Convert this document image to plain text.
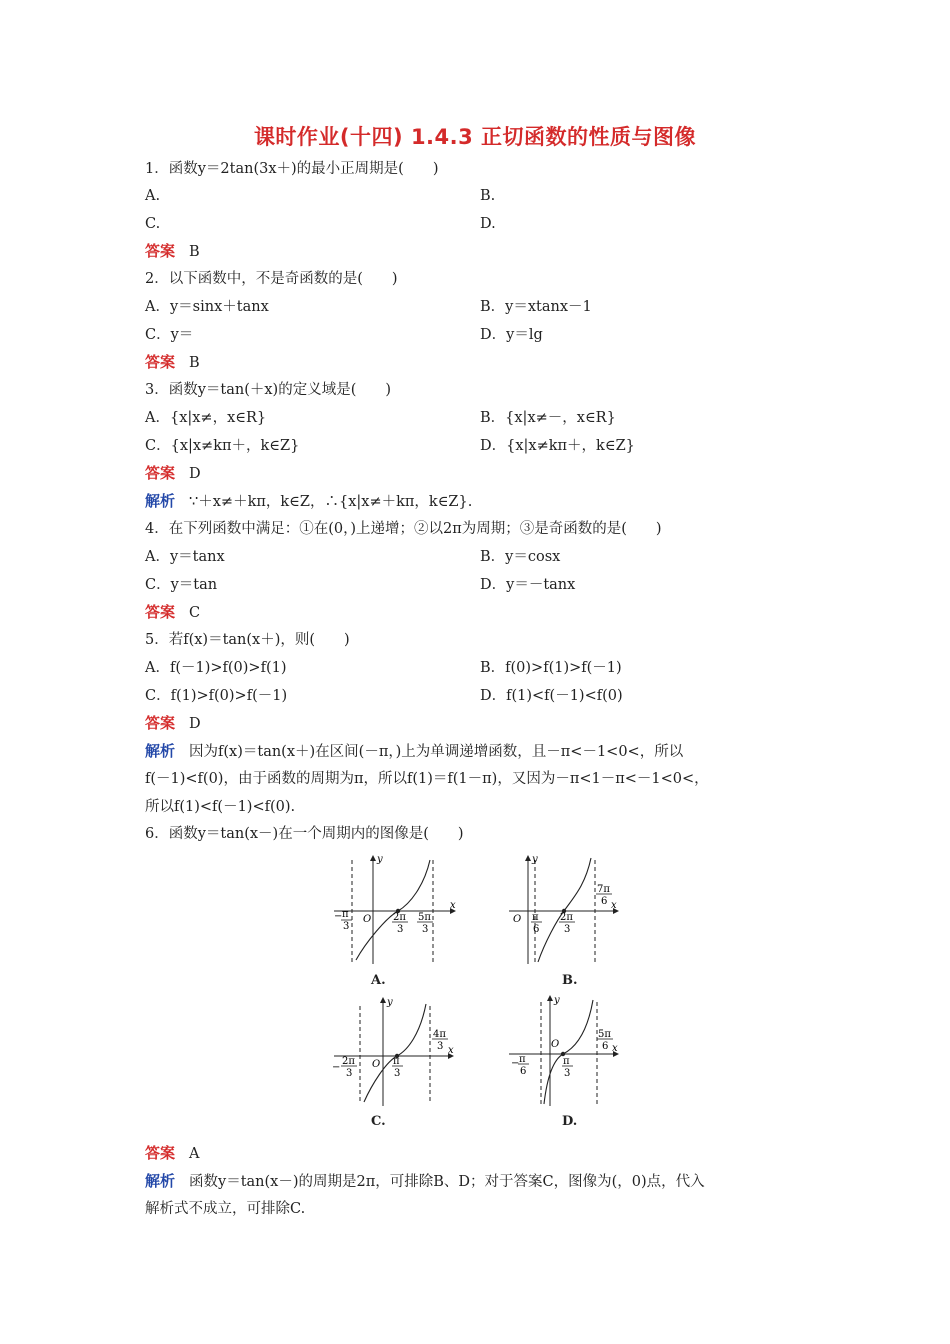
课时作业(十四) 1.4.3 正切函数的性质与图像
1．函数y＝2tan(3x＋)的最小正周期是(　　)
A.	B.
C.	D.
答案 B
2．以下函数中，不是奇函数的是(　　)
A．y＝sinx＋tanx	B．y＝xtanx－1
C．y＝	D．y＝lg
答案 B
3．函数y＝tan(＋x)的定义域是(　　)
A．{x|x≠，x∈R}	B．{x|x≠－，x∈R}
C．{x|x≠kπ＋，k∈Z}	D．{x|x≠kπ＋，k∈Z}
答案 D
解析 ∵＋x≠＋kπ，k∈Z，∴{x|x≠＋kπ，k∈Z}.
4．在下列函数中满足：①在(0，)上递增；②以2π为周期；③是奇函数的是(　　)
A．y＝tanx	B．y＝cosx
C．y＝tan	D．y＝－tanx
答案 C
5．若f(x)＝tan(x＋)，则(　　)
A．f(－1)>f(0)>f(1)	B．f(0)>f(1)>f(－1)
C．f(1)>f(0)>f(－1)	D．f(1)<f(－1)<f(0)
答案 D
解析 因为f(x)＝tan(x＋)在区间(－π，)上为单调递增函数，且－π<－1<0<，所以
f(－1)<f(0)，由于函数的周期为π，所以f(1)＝f(1－π)，又因为－π<1－π<－1<0<，
所以f(1)<f(－1)<f(0).
6．函数y＝tan(x－)在一个周期内的图像是(　　)
y
x
O
− π
3
2π
3
5π
3
A.
y
x
O π
6
2π
3
7π
6
B.
y
x
O
−
2π
3
π
3
4π
3
C.
y
x
O
− π
6
π
3
5π
6
D.
答案 A
解析 函数y＝tan(x－)的周期是2π，可排除B、D；对于答案C，图像为(，0)点，代入
解析式不成立，可排除C.
